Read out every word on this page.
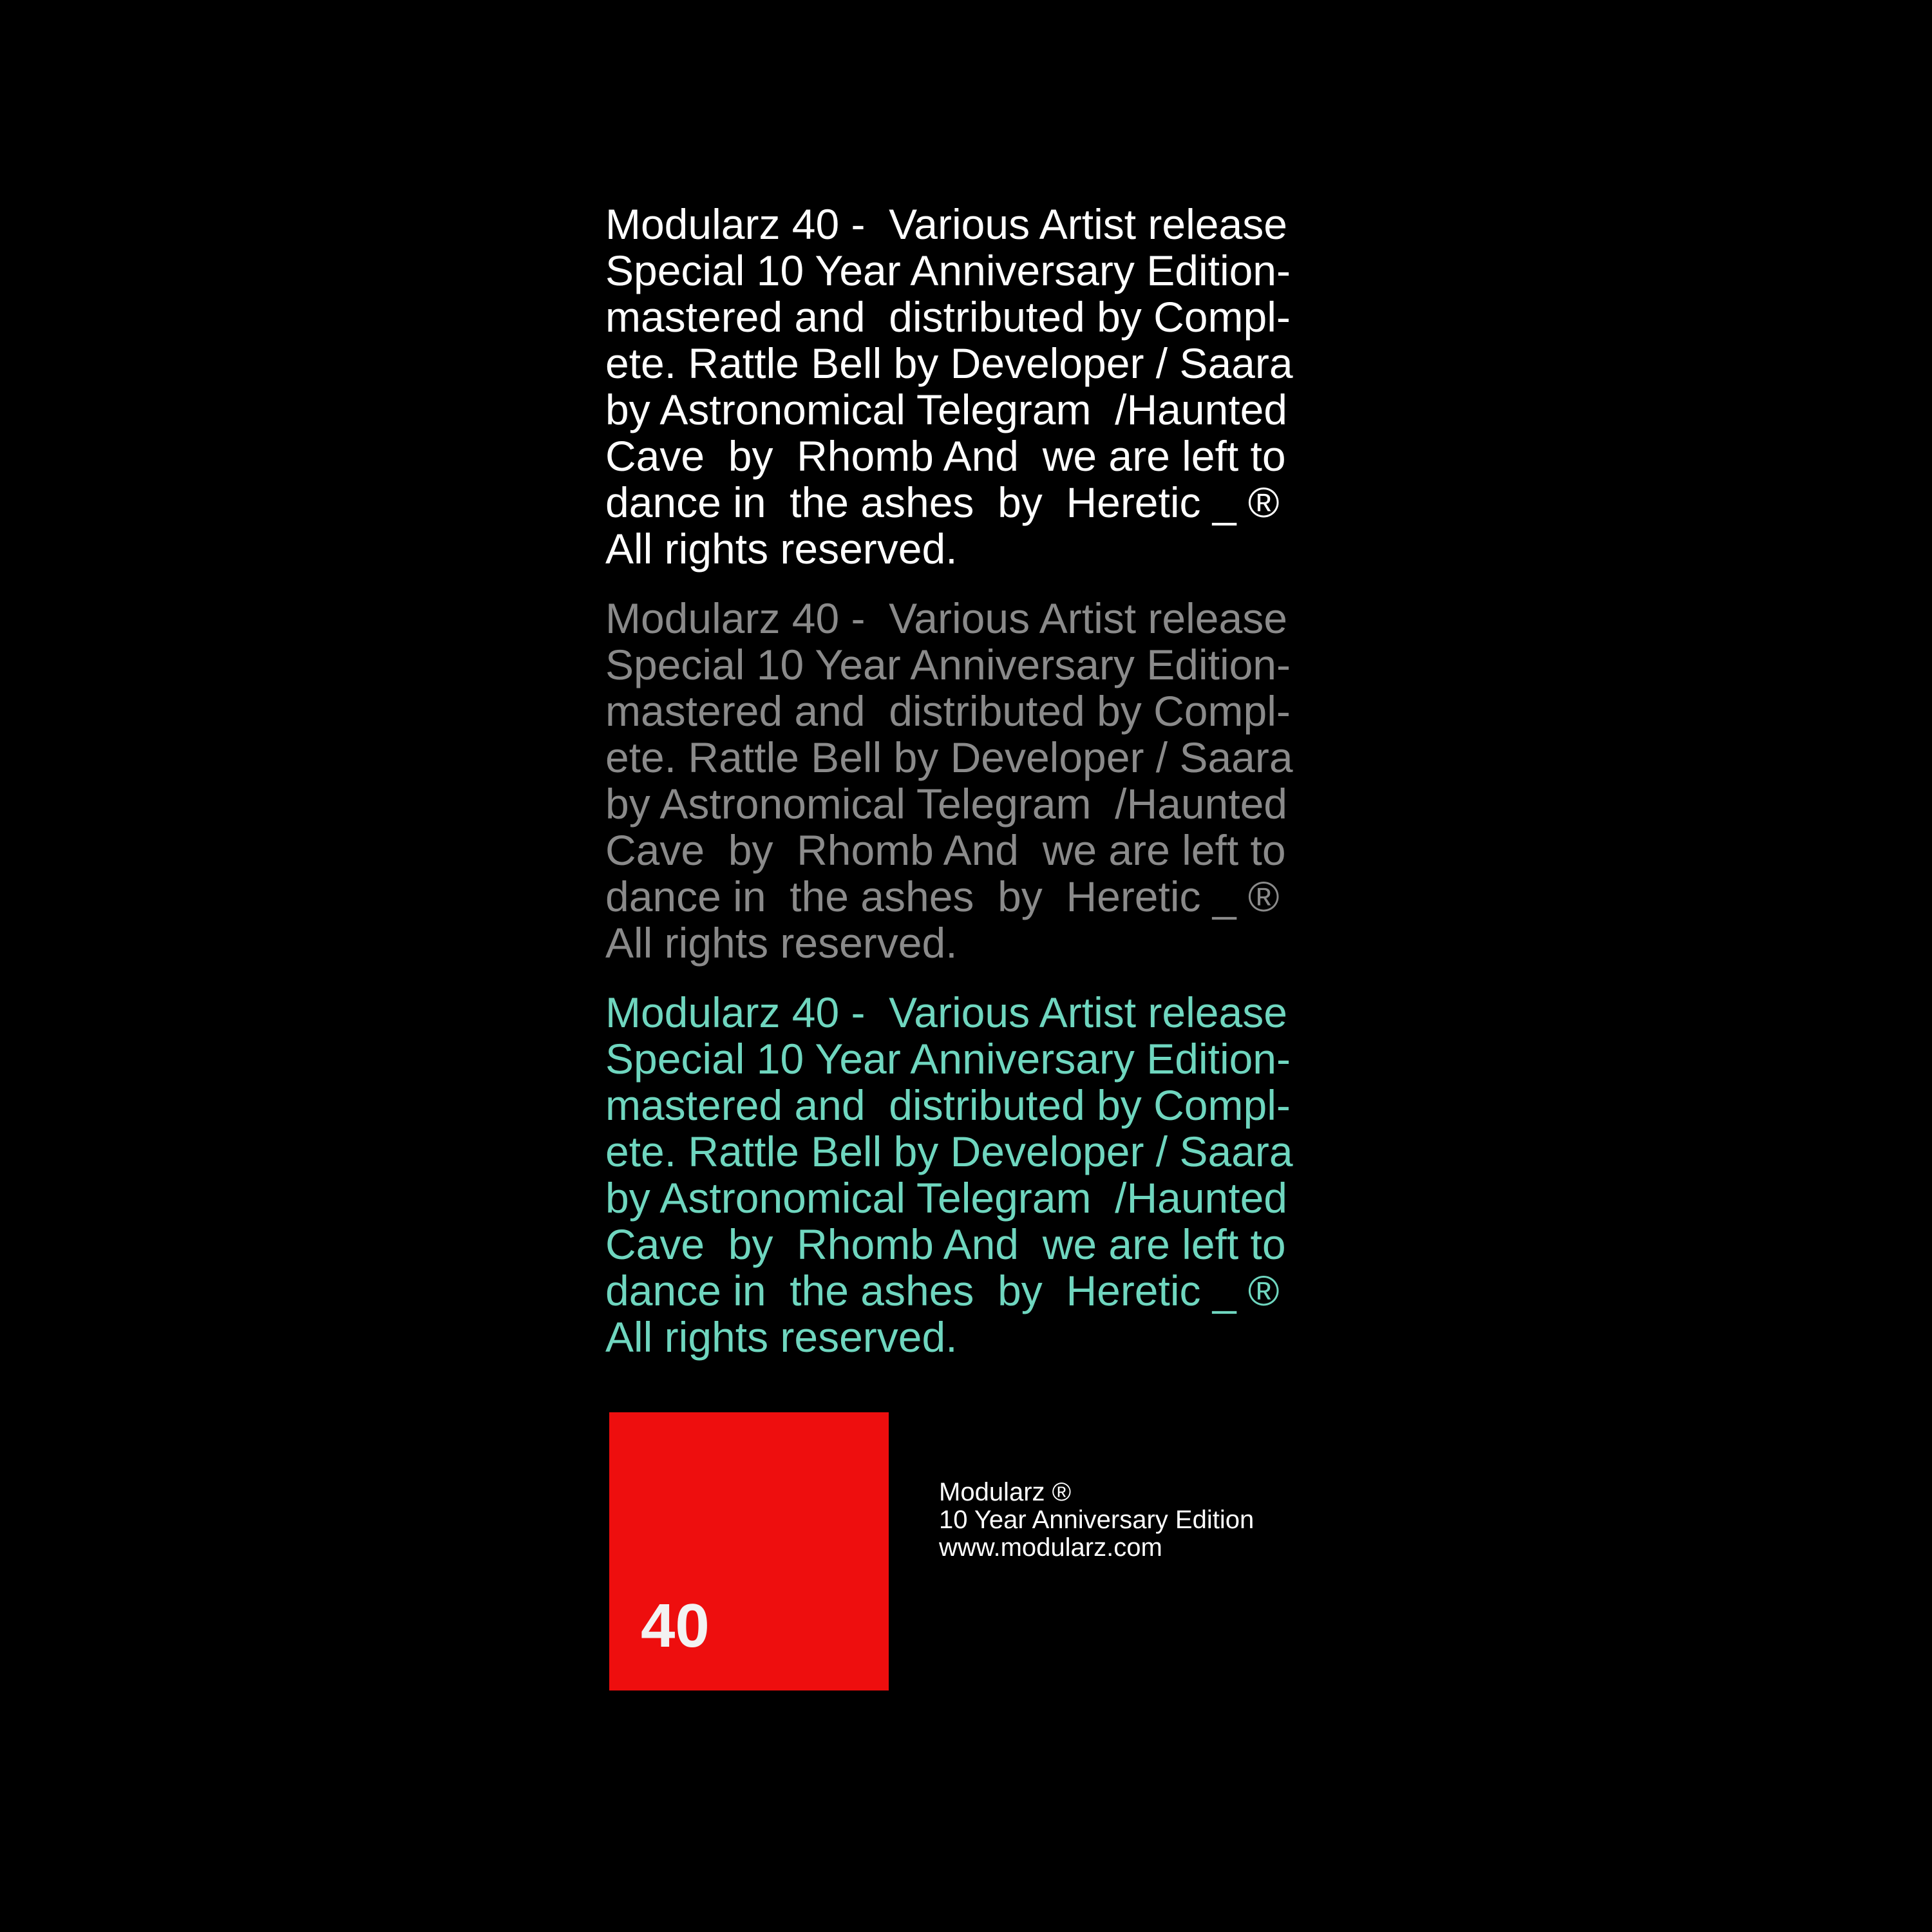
Modularz 40 -  Various Artist release
Special 10 Year Anniversary Edition-
mastered and  distributed by Compl-
ete. Rattle Bell by Developer / Saara
by Astronomical Telegram  /Haunted
Cave  by  Rhomb And  we are left to
dance in  the ashes  by  Heretic _ ®
All rights reserved.
Modularz 40 -  Various Artist release
Special 10 Year Anniversary Edition-
mastered and  distributed by Compl-
ete. Rattle Bell by Developer / Saara
by Astronomical Telegram  /Haunted
Cave  by  Rhomb And  we are left to
dance in  the ashes  by  Heretic _ ®
All rights reserved.
Modularz 40 -  Various Artist release
Special 10 Year Anniversary Edition-
mastered and  distributed by Compl-
ete. Rattle Bell by Developer / Saara
by Astronomical Telegram  /Haunted
Cave  by  Rhomb And  we are left to
dance in  the ashes  by  Heretic _ ®
All rights reserved.
40
Modularz ®
10 Year Anniversary Edition
www.modularz.com
